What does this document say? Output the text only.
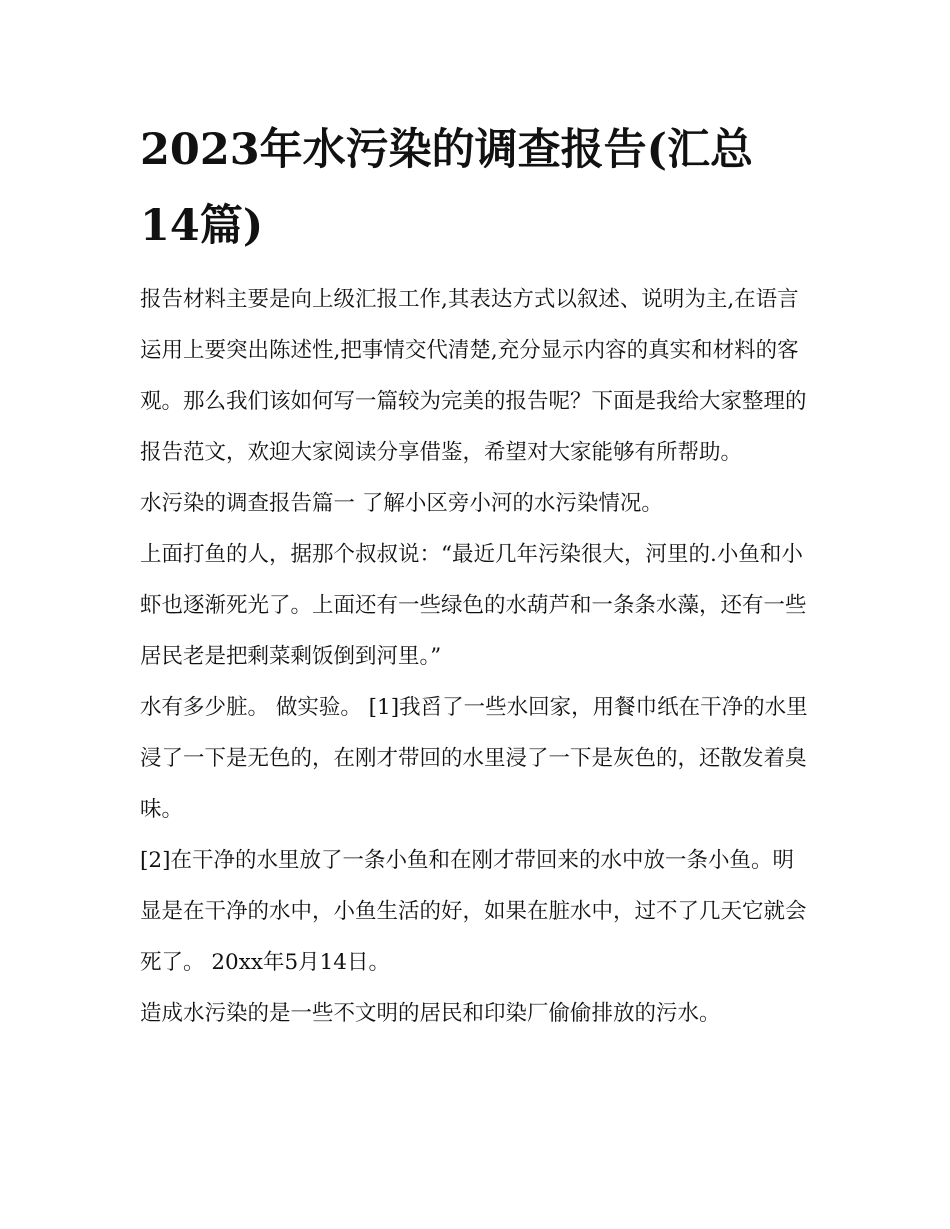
2023年水污染的调查报告(汇总14篇)

报告材料主要是向上级汇报工作,其表达方式以叙述、说明为主,在语言运用上要突出陈述性,把事情交代清楚,充分显示内容的真实和材料的客观。那么我们该如何写一篇较为完美的报告呢？下面是我给大家整理的报告范文，欢迎大家阅读分享借鉴，希望对大家能够有所帮助。

水污染的调查报告篇一 了解小区旁小河的水污染情况。

上面打鱼的人，据那个叔叔说：“最近几年污染很大，河里的.小鱼和小虾也逐渐死光了。上面还有一些绿色的水葫芦和一条条水藻，还有一些居民老是把剩菜剩饭倒到河里。”

水有多少脏。 做实验。 [1]我舀了一些水回家，用餐巾纸在干净的水里浸了一下是无色的，在刚才带回的水里浸了一下是灰色的，还散发着臭味。

[2]在干净的水里放了一条小鱼和在刚才带回来的水中放一条小鱼。明显是在干净的水中，小鱼生活的好，如果在脏水中，过不了几天它就会死了。 20xx年5月14日。

造成水污染的是一些不文明的居民和印染厂偷偷排放的污水。
